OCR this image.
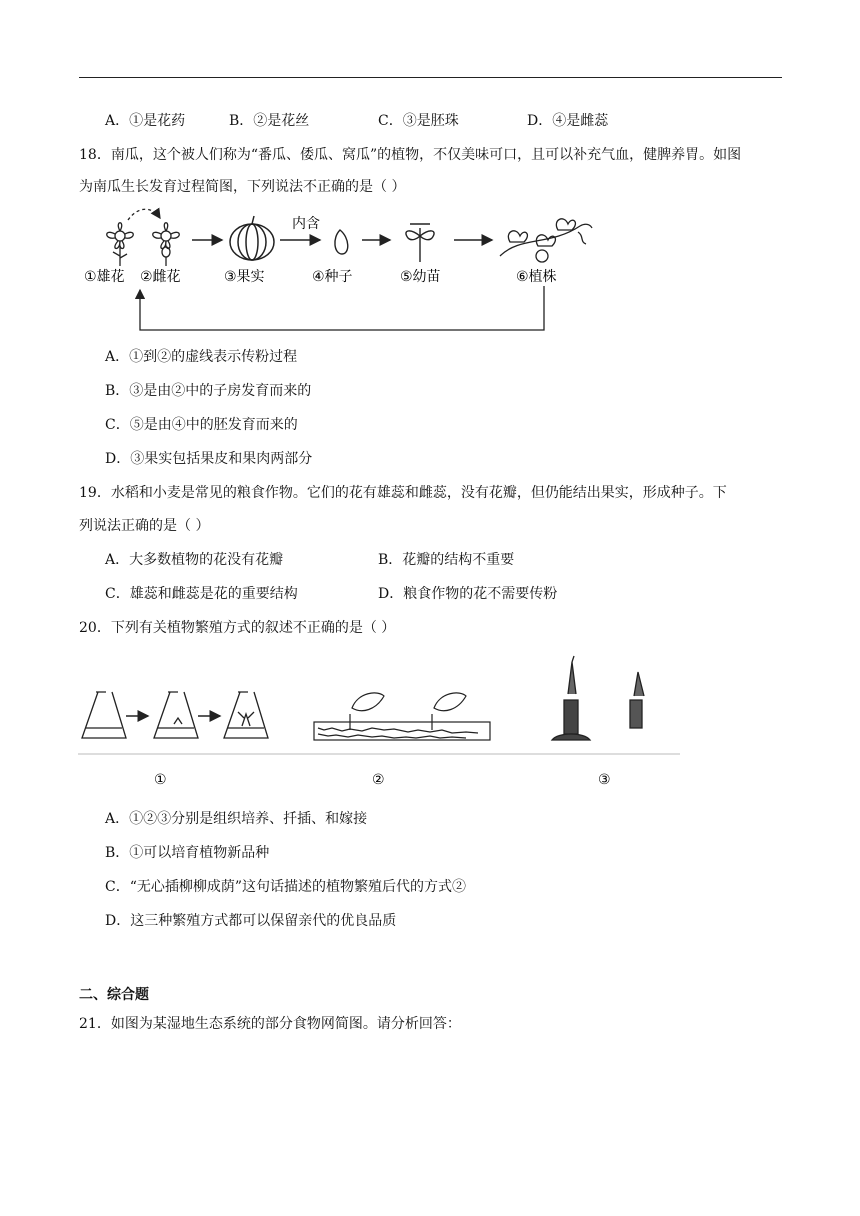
A．①是花药	B．②是花丝	C．③是胚珠	D．④是雌蕊
18．南瓜，这个被人们称为“番瓜、倭瓜、窝瓜”的植物，不仅美味可口，且可以补充气血，健脾养胃。如图
为南瓜生长发育过程简图，下列说法不正确的是（ ）
内含
①雄花 ②雌花	③果实	④种子	⑤幼苗	⑥植株
A．①到②的虚线表示传粉过程
B．③是由②中的子房发育而来的
C．⑤是由④中的胚发育而来的
D．③果实包括果皮和果肉两部分
19．水稻和小麦是常见的粮食作物。它们的花有雄蕊和雌蕊，没有花瓣，但仍能结出果实，形成种子。下
列说法正确的是（ ）
A．大多数植物的花没有花瓣	B．花瓣的结构不重要
C．雄蕊和雌蕊是花的重要结构	D．粮食作物的花不需要传粉
20．下列有关植物繁殖方式的叙述不正确的是（ ）
①	②	③
A．①②③分别是组织培养、扦插、和嫁接
B．①可以培育植物新品种
C．“无心插柳柳成荫”这句话描述的植物繁殖后代的方式②
D．这三种繁殖方式都可以保留亲代的优良品质
二、综合题
21．如图为某湿地生态系统的部分食物网简图。请分析回答：
